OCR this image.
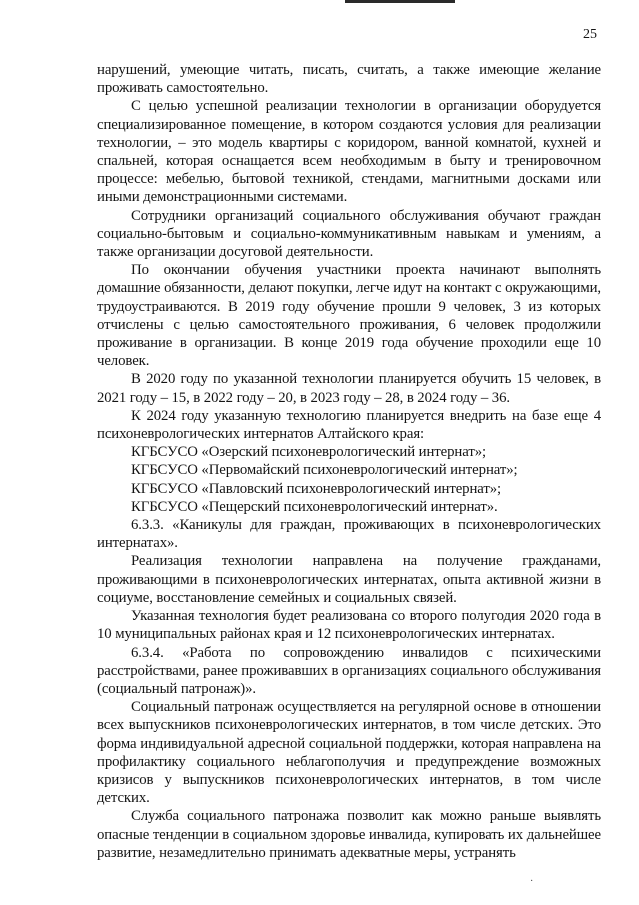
25

нарушений, умеющие читать, писать, считать, а также имеющие желание проживать самостоятельно.

С целью успешной реализации технологии в организации оборудуется специализированное помещение, в котором создаются условия для реализации технологии, – это модель квартиры с коридором, ванной комнатой, кухней и спальней, которая оснащается всем необходимым в быту и тренировочном процессе: мебелью, бытовой техникой, стендами, магнитными досками или иными демонстрационными системами.

Сотрудники организаций социального обслуживания обучают граждан социально-бытовым и социально-коммуникативным навыкам и умениям, а также организации досуговой деятельности.

По окончании обучения участники проекта начинают выполнять домашние обязанности, делают покупки, легче идут на контакт с окружающими, трудоустраиваются. В 2019 году обучение прошли 9 человек, 3 из которых отчислены с целью самостоятельного проживания, 6 человек продолжили проживание в организации. В конце 2019 года обучение проходили еще 10 человек.

В 2020 году по указанной технологии планируется обучить 15 человек, в 2021 году – 15, в 2022 году – 20, в 2023 году – 28, в 2024 году – 36.

К 2024 году указанную технологию планируется внедрить на базе еще 4 психоневрологических интернатов Алтайского края:

КГБСУСО «Озерский психоневрологический интернат»;

КГБСУСО «Первомайский психоневрологический интернат»;

КГБСУСО «Павловский психоневрологический интернат»;

КГБСУСО «Пещерский психоневрологический интернат».

6.3.3. «Каникулы для граждан, проживающих в психоневрологических интернатах».

Реализация технологии направлена на получение гражданами, проживающими в психоневрологических интернатах, опыта активной жизни в социуме, восстановление семейных и социальных связей.

Указанная технология будет реализована со второго полугодия 2020 года в 10 муниципальных районах края и 12 психоневрологических интернатах.

6.3.4. «Работа по сопровождению инвалидов с психическими расстройствами, ранее проживавших в организациях социального обслуживания (социальный патронаж)».

Социальный патронаж осуществляется на регулярной основе в отношении всех выпускников психоневрологических интернатов, в том числе детских. Это форма индивидуальной адресной социальной поддержки, которая направлена на профилактику социального неблагополучия и предупреждение возможных кризисов у выпускников психоневрологических интернатов, в том числе детских.

Служба социального патронажа позволит как можно раньше выявлять опасные тенденции в социальном здоровье инвалида, купировать их дальнейшее развитие, незамедлительно принимать адекватные меры, устранять

·
